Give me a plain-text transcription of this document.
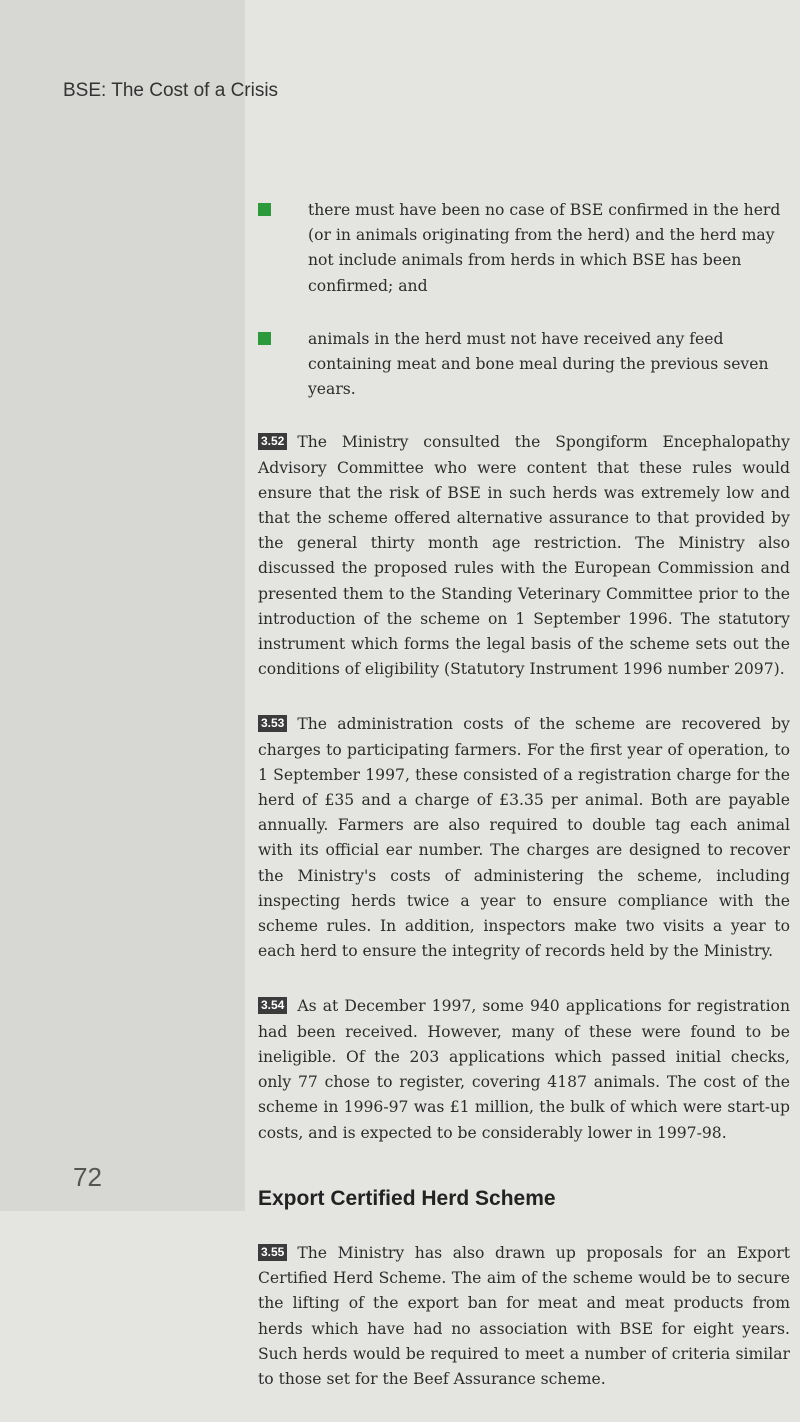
BSE: The Cost of a Crisis
72
there must have been no case of BSE confirmed in the herd (or in animals originating from the herd) and the herd may not include animals from herds in which BSE has been confirmed; and
animals in the herd must not have received any feed containing meat and bone meal during the previous seven years.
3.52 The Ministry consulted the Spongiform Encephalopathy Advisory Committee who were content that these rules would ensure that the risk of BSE in such herds was extremely low and that the scheme offered alternative assurance to that provided by the general thirty month age restriction. The Ministry also discussed the proposed rules with the European Commission and presented them to the Standing Veterinary Committee prior to the introduction of the scheme on 1 September 1996. The statutory instrument which forms the legal basis of the scheme sets out the conditions of eligibility (Statutory Instrument 1996 number 2097).
3.53 The administration costs of the scheme are recovered by charges to participating farmers. For the first year of operation, to 1 September 1997, these consisted of a registration charge for the herd of £35 and a charge of £3.35 per animal. Both are payable annually. Farmers are also required to double tag each animal with its official ear number. The charges are designed to recover the Ministry's costs of administering the scheme, including inspecting herds twice a year to ensure compliance with the scheme rules. In addition, inspectors make two visits a year to each herd to ensure the integrity of records held by the Ministry.
3.54 As at December 1997, some 940 applications for registration had been received. However, many of these were found to be ineligible. Of the 203 applications which passed initial checks, only 77 chose to register, covering 4187 animals. The cost of the scheme in 1996-97 was £1 million, the bulk of which were start-up costs, and is expected to be considerably lower in 1997-98.
Export Certified Herd Scheme
3.55 The Ministry has also drawn up proposals for an Export Certified Herd Scheme. The aim of the scheme would be to secure the lifting of the export ban for meat and meat products from herds which have had no association with BSE for eight years. Such herds would be required to meet a number of criteria similar to those set for the Beef Assurance scheme.
